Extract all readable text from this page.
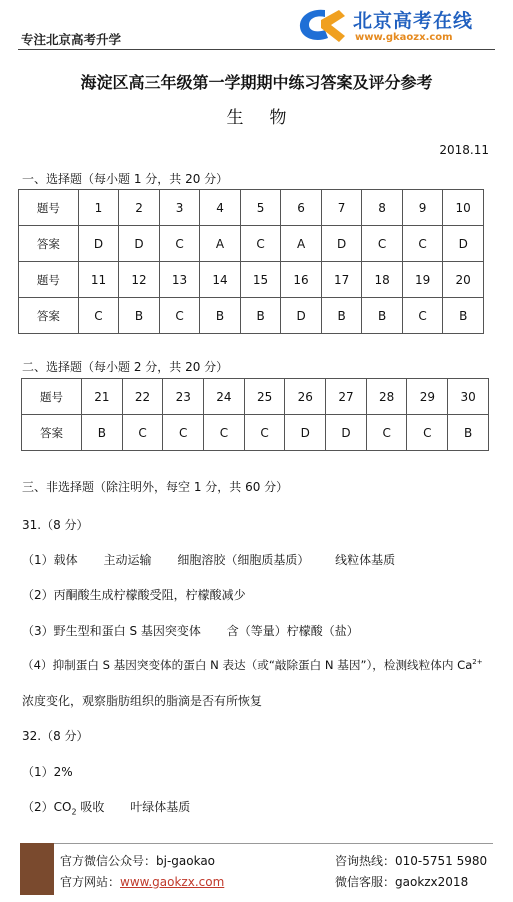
专注北京高考升学
北京高考在线
www.gkaozx.com
海淀区高三年级第一学期期中练习答案及评分参考
生物
2018.11
一、选择题（每小题 1 分，共 20 分）
题号	1	2	3	4	5	6	7	8	9	10
答案	D	D	C	A	C	A	D	C	C	D
题号	11	12	13	14	15	16	17	18	19	20
答案	C	B	C	B	B	D	B	B	C	B
二、选择题（每小题 2 分，共 20 分）
题号	21	22	23	24	25	26	27	28	29	30
答案	B	C	C	C	C	D	D	C	C	B
三、非选择题（除注明外，每空 1 分，共 60 分）
31.（8 分）
（1）载体 主动运输 细胞溶胶（细胞质基质） 线粒体基质
（2）丙酮酸生成柠檬酸受阻，柠檬酸减少
（3）野生型和蛋白 S 基因突变体 含（等量）柠檬酸（盐）
（4）抑制蛋白 S 基因突变体的蛋白 N 表达（或“敲除蛋白 N 基因”），检测线粒体内 $Ca^{2+}$
浓度变化，观察脂肪组织的脂滴是否有所恢复
32.（8 分）
（1）2%
$(2)CO_2$ 吸收 叶绿体基质
官方微信公众号：bj-gaokao
官方网站：www.gaokzx.com
咨询热线：010-5751 5980
微信客服：gaokzx2018
